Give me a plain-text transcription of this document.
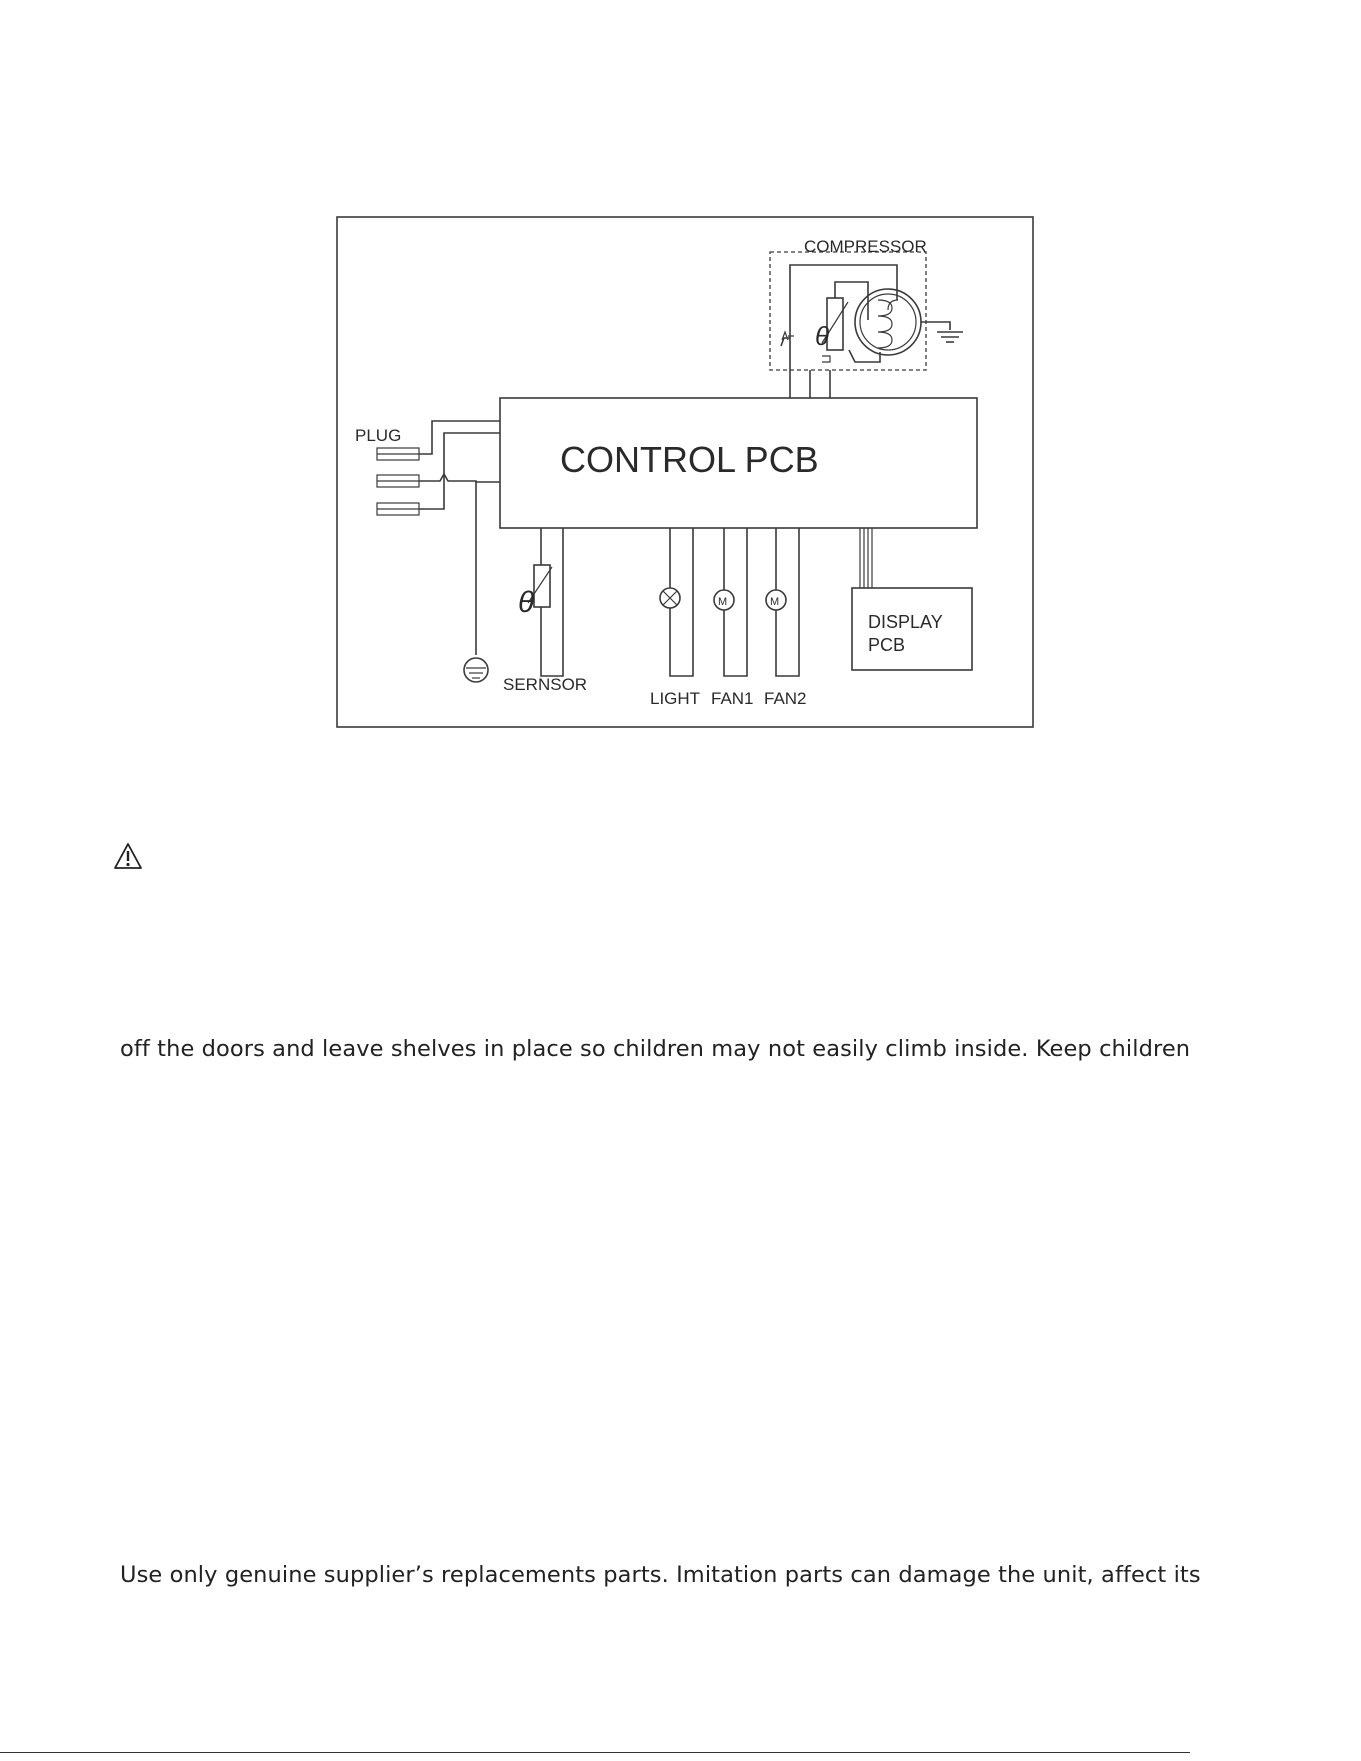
COMPRESSOR
θ
CONTROL PCB
PLUG
θ
SERNSOR
LIGHT
M
FAN1
M
FAN2
DISPLAY
PCB
off the doors and leave shelves in place so children may not easily climb inside. Keep children
Use only genuine supplier’s replacements parts. Imitation parts can damage the unit, affect its
